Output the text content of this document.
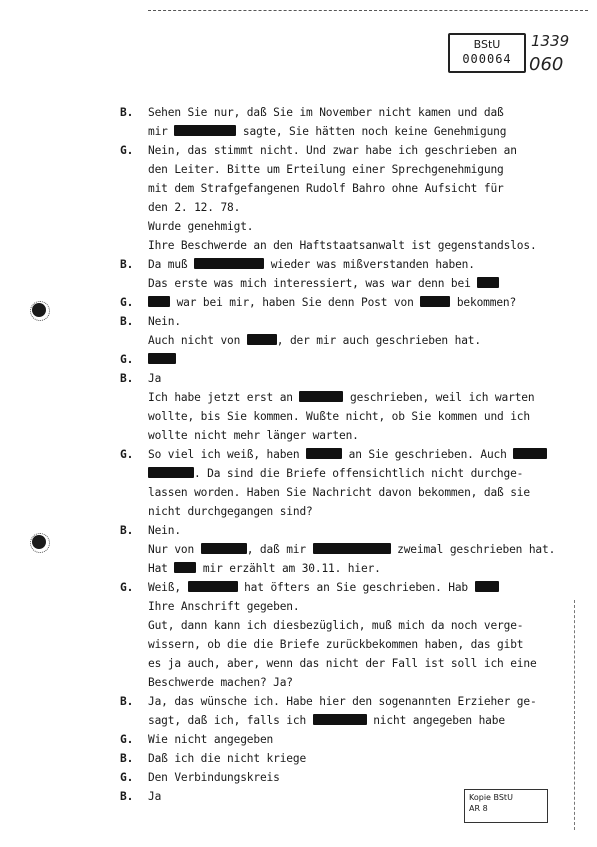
BStU
000064
1339
060
B. Sehen Sie nur, daß Sie im November nicht kamen und daß
mir	sagte, Sie hätten noch keine Genehmigung
G. Nein, das stimmt nicht. Und zwar habe ich geschrieben an
den Leiter. Bitte um Erteilung einer Sprechgenehmigung
mit dem Strafgefangenen Rudolf Bahro ohne Aufsicht für
den 2. 12. 78.
Wurde genehmigt.
Ihre Beschwerde an den Haftstaatsanwalt ist gegenstandslos.
B. Da muß	wieder was mißverstanden haben.
Das erste was mich interessiert, was war denn bei
G.	war bei mir, haben Sie denn Post von	bekommen?
B. Nein.
Auch nicht von	, der mir auch geschrieben hat.
G.
B. Ja
Ich habe jetzt erst an	geschrieben, weil ich warten
wollte, bis Sie kommen. Wußte nicht, ob Sie kommen und ich
wollte nicht mehr länger warten.
G. So viel ich weiß, haben	an Sie geschrieben. Auch
. Da sind die Briefe offensichtlich nicht durchge-
lassen worden. Haben Sie Nachricht davon bekommen, daß sie
nicht durchgegangen sind?
B. Nein.
Nur von	, daß mir	zweimal geschrieben hat.
Hat  mir erzählt am 30.11. hier.
G. Weiß,	hat öfters an Sie geschrieben. Hab
Ihre Anschrift gegeben.
Gut, dann kann ich diesbezüglich, muß mich da noch verge-
wissern, ob die die Briefe zurückbekommen haben, das gibt
es ja auch, aber, wenn das nicht der Fall ist soll ich eine
Beschwerde machen? Ja?
B. Ja, das wünsche ich. Habe hier den sogenannten Erzieher ge-
sagt, daß ich, falls ich	nicht angegeben habe
G. Wie nicht angegeben
B. Daß ich die nicht kriege
G. Den Verbindungskreis
B. Ja	Kopie BStU
AR 8
